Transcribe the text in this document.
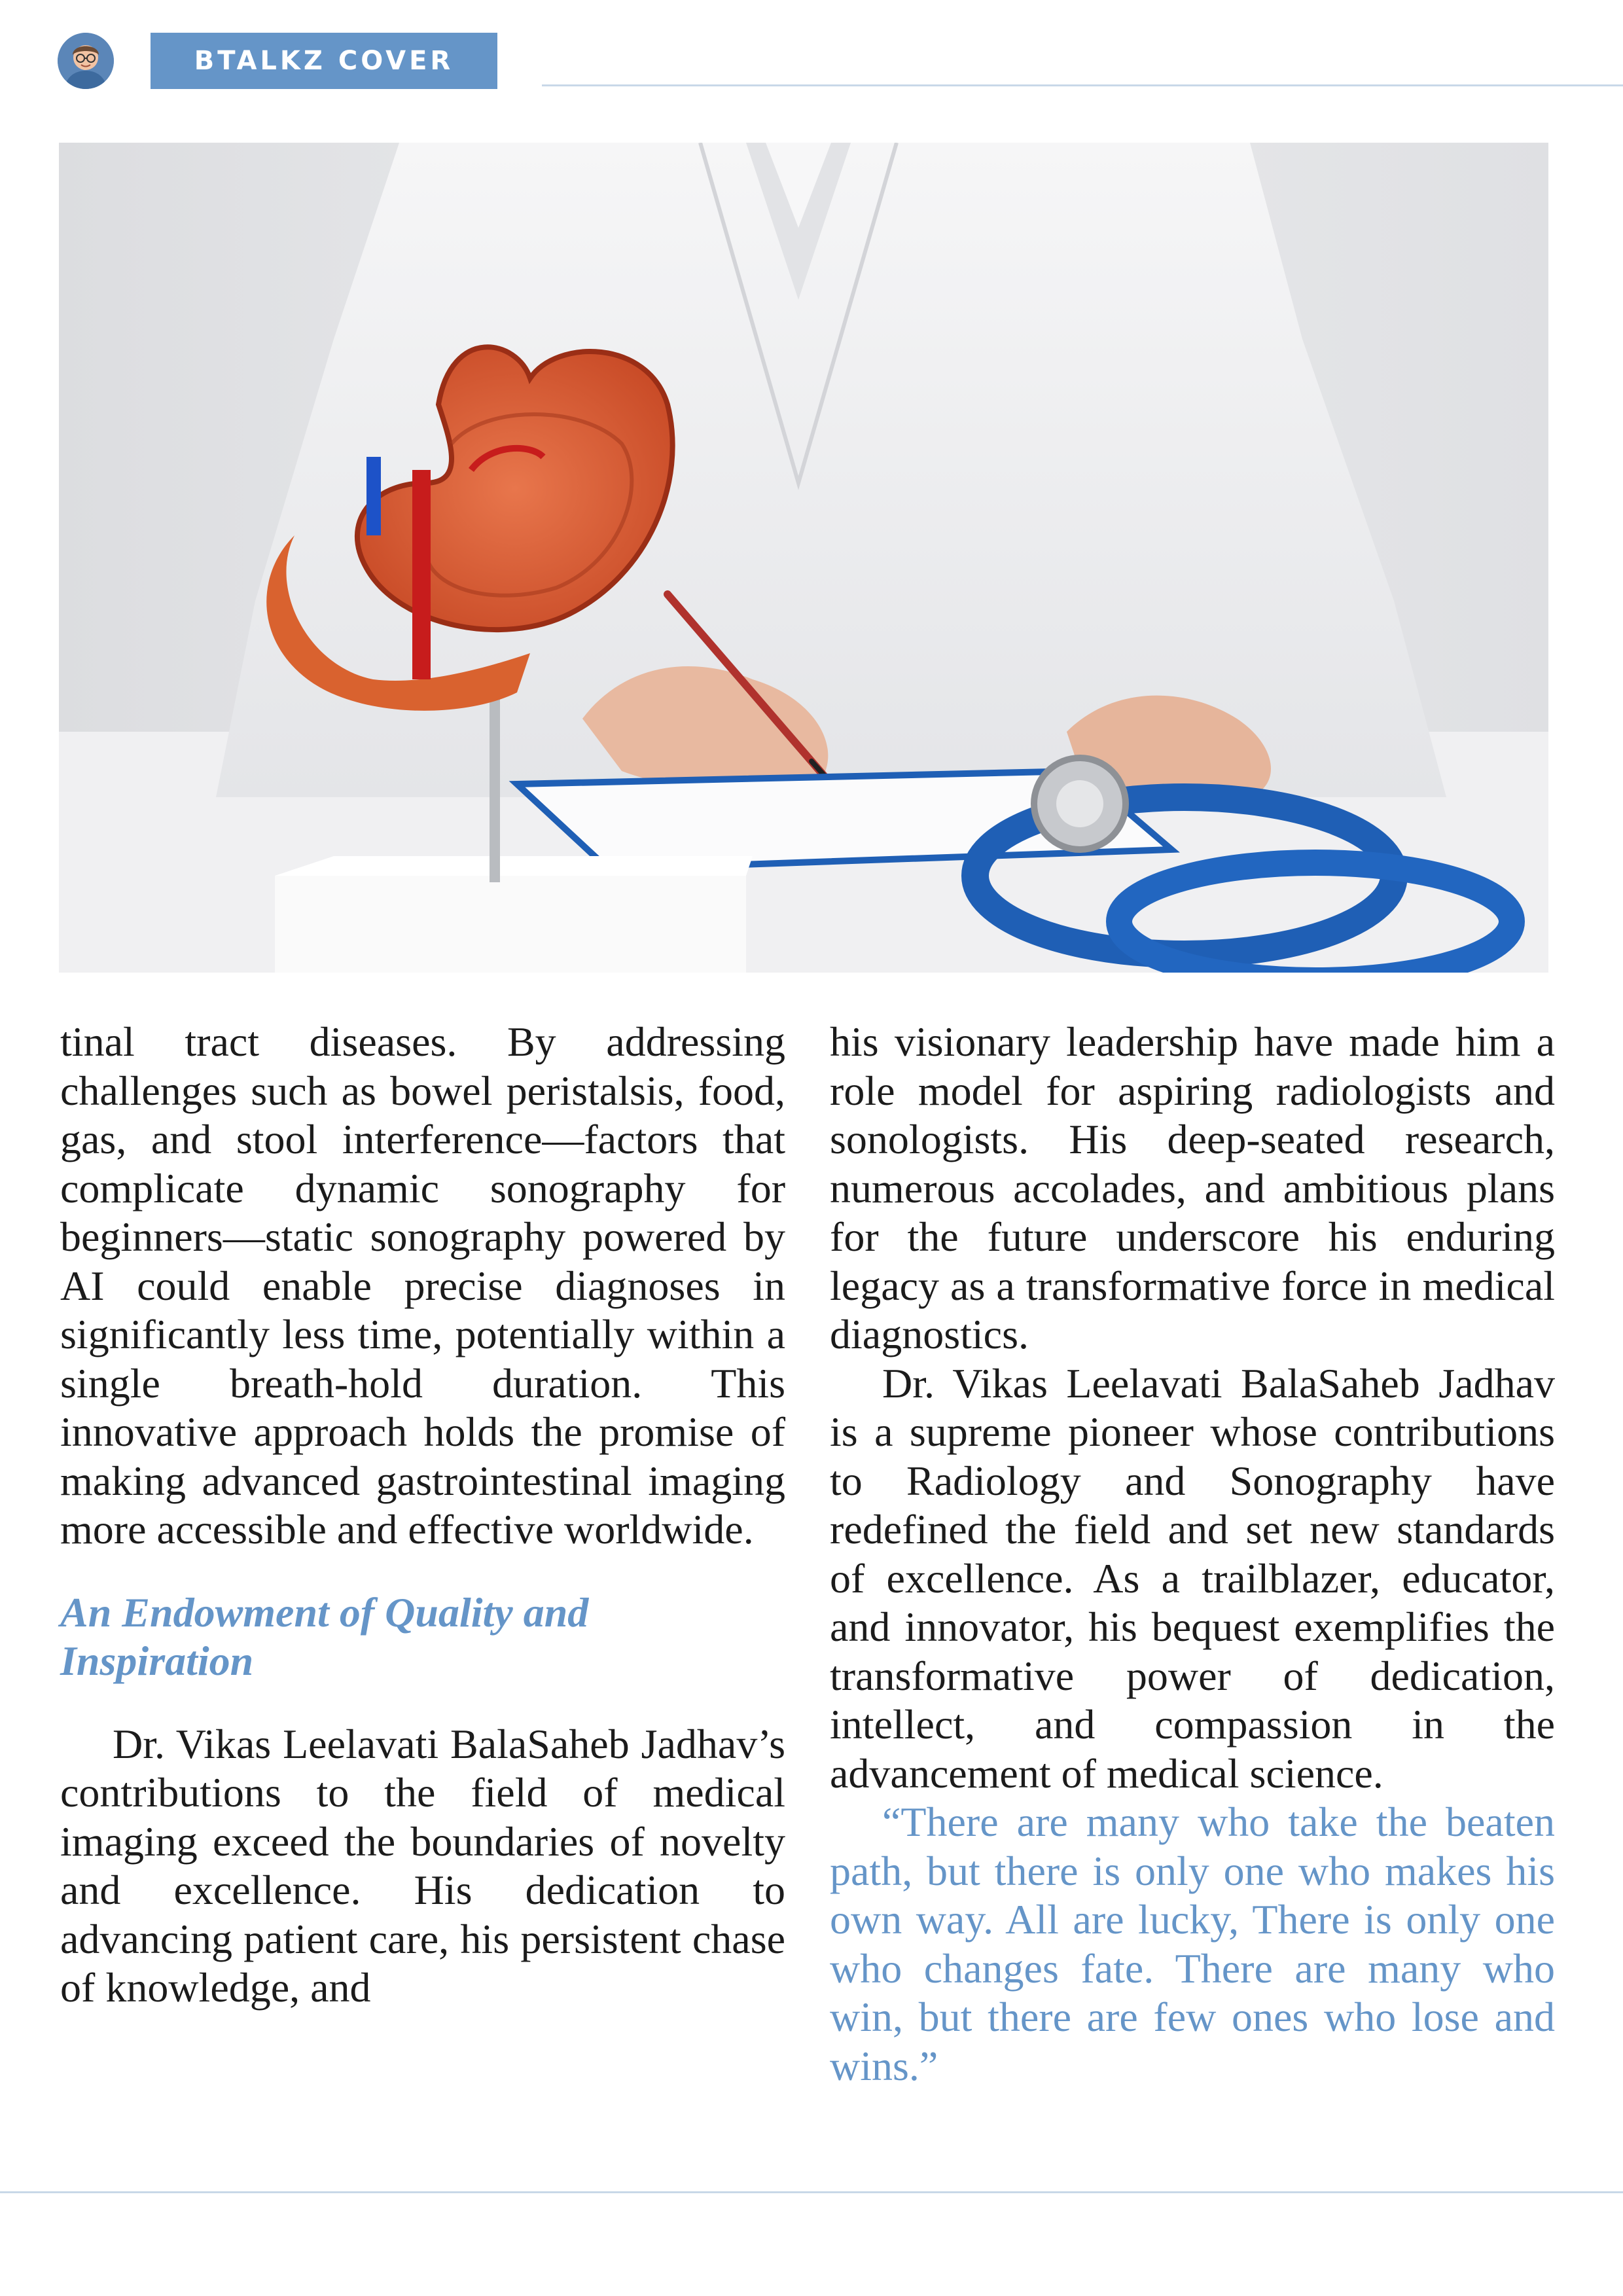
BTALKZ COVER STORY

tinal tract diseases. By addressing challenges such as bowel peristalsis, food, gas, and stool interference—factors that complicate dynamic sonography for beginners—static sonography powered by AI could enable precise diagnoses in significantly less time, potentially within a single breath-hold duration. This innovative approach holds the promise of making advanced gastrointestinal imaging more accessible and effective worldwide.

An Endowment of Quality and Inspiration

Dr. Vikas Leelavati BalaSaheb Jadhav’s contributions to the field of medical imaging exceed the boundaries of novelty and excellence. His dedication to advancing patient care, his persistent chase of knowledge, and

his visionary leadership have made him a role model for aspiring radiologists and sonologists. His deep-seated research, numerous accolades, and ambitious plans for the future underscore his enduring legacy as a transformative force in medical diagnostics.

Dr. Vikas Leelavati BalaSaheb Jadhav is a supreme pioneer whose contributions to Radiology and Sonography have redefined the field and set new standards of excellence. As a trailblazer, educator, and innovator, his bequest exemplifies the transformative power of dedication, intellect, and compassion in the advancement of medical science.

“There are many who take the beaten path, but there is only one who makes his own way. All are lucky, There is only one who changes fate. There are many who win, but there are few ones who lose and wins.”
